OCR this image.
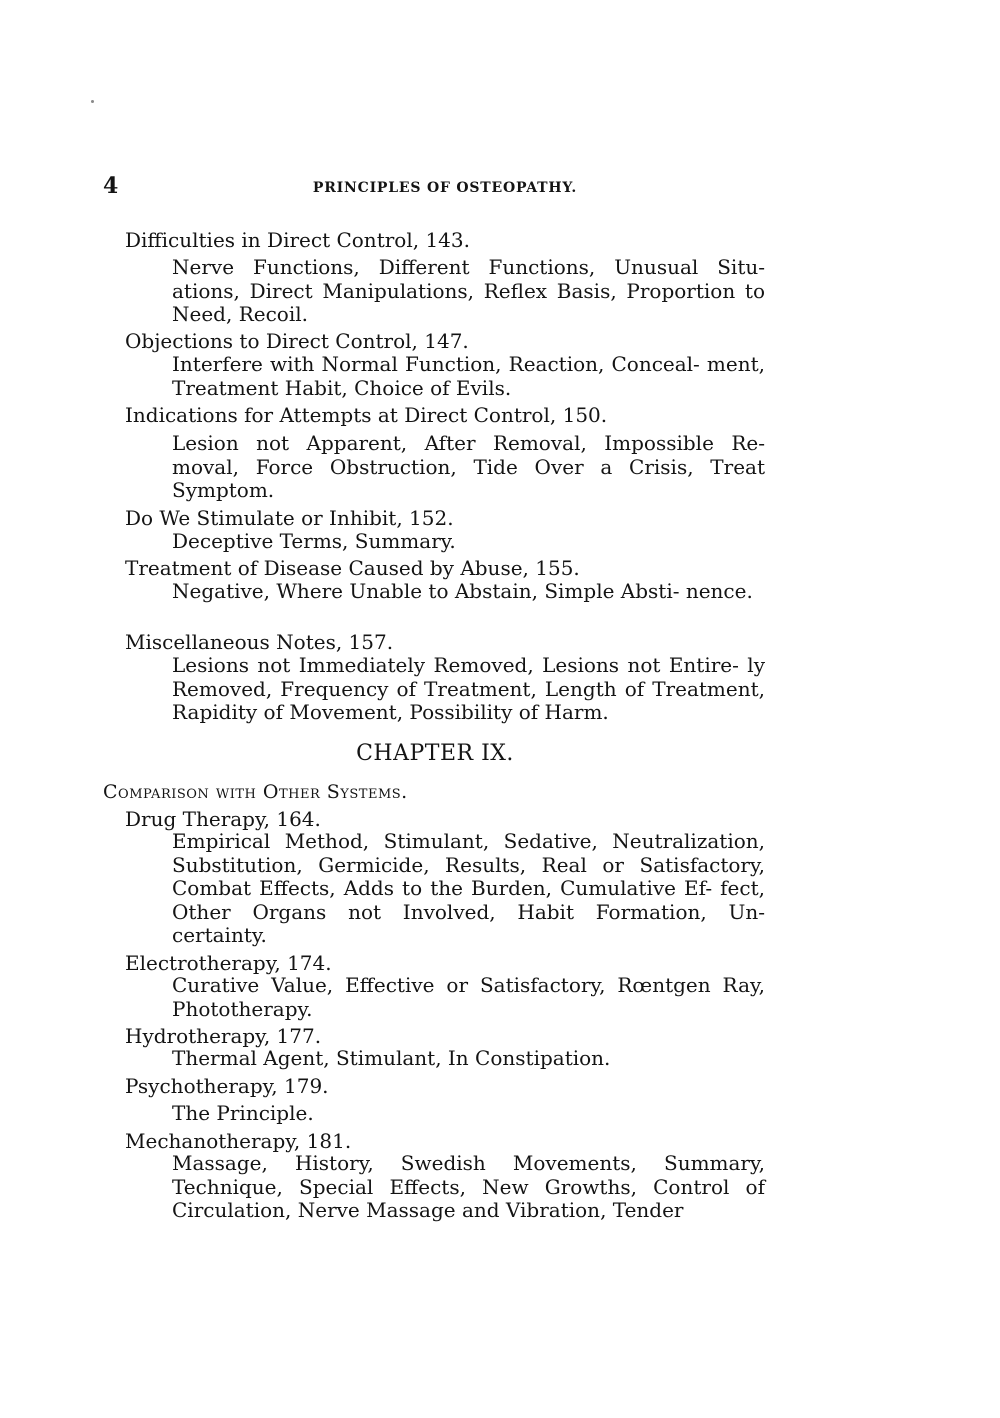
4	PRINCIPLES OF OSTEOPATHY.
Difficulties in Direct Control, 143.
Nerve Functions, Different Functions, Unusual Situ- ations, Direct Manipulations, Reflex Basis, Proportion to Need, Recoil.
Objections to Direct Control, 147.
Interfere with Normal Function, Reaction, Conceal- ment, Treatment Habit, Choice of Evils.
Indications for Attempts at Direct Control, 150.
Lesion not Apparent, After Removal, Impossible Re- moval, Force Obstruction, Tide Over a Crisis, Treat Symptom.
Do We Stimulate or Inhibit, 152.
Deceptive Terms, Summary.
Treatment of Disease Caused by Abuse, 155.
Negative, Where Unable to Abstain, Simple Absti- nence.
Miscellaneous Notes, 157.
Lesions not Immediately Removed, Lesions not Entire- ly Removed, Frequency of Treatment, Length of Treatment, Rapidity of Movement, Possibility of Harm.
CHAPTER IX.
Comparison with Other Systems.
Drug Therapy, 164.
Empirical Method, Stimulant, Sedative, Neutralization, Substitution, Germicide, Results, Real or Satisfactory, Combat Effects, Adds to the Burden, Cumulative Ef- fect, Other Organs not Involved, Habit Formation, Un- certainty.
Electrotherapy, 174.
Curative Value, Effective or Satisfactory, Rœntgen Ray, Phototherapy.
Hydrotherapy, 177.
Thermal Agent, Stimulant, In Constipation.
Psychotherapy, 179.
The Principle.
Mechanotherapy, 181.
Massage, History, Swedish Movements, Summary, Technique, Special Effects, New Growths, Control of Circulation, Nerve Massage and Vibration, Tender
